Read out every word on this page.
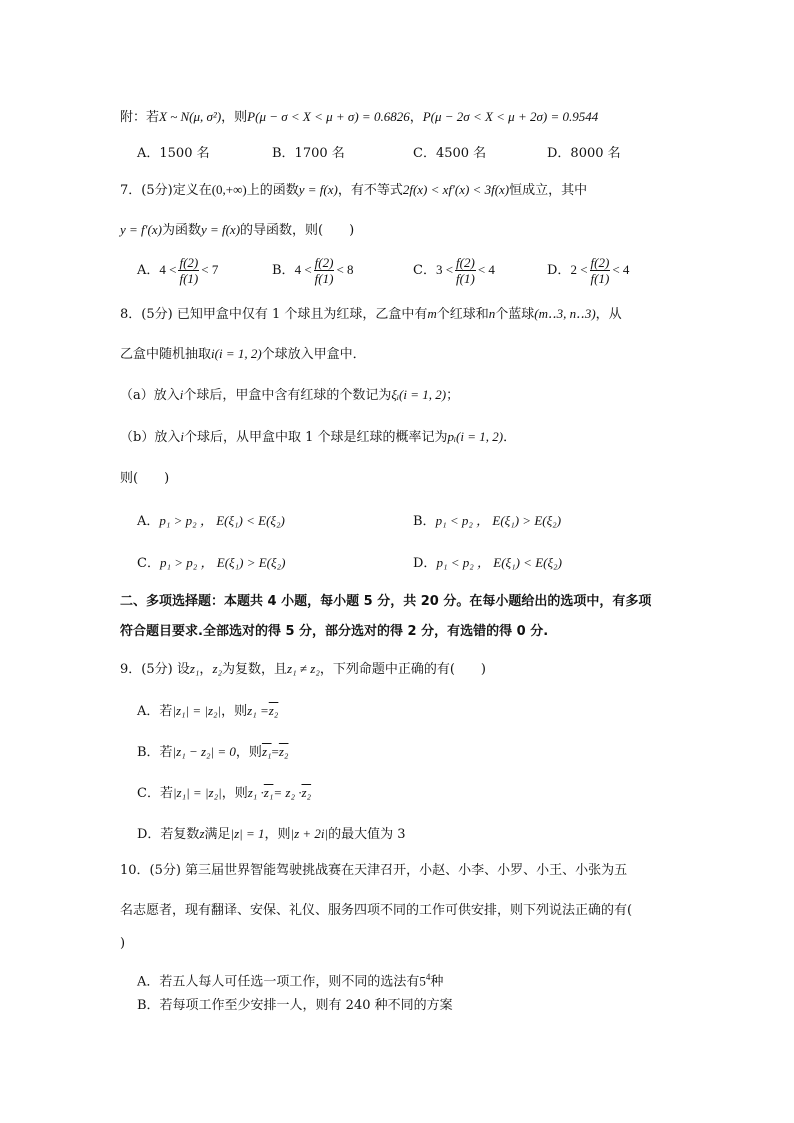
附：若X ~ N(μ, σ²)，则P(μ − σ < X < μ + σ) = 0.6826，P(μ − 2σ < X < μ + 2σ) = 0.9544
A．1500 名	B．1700 名	C．4500 名	D．8000 名
7．(5分)定义在(0,+∞)上的函数y = f(x)，有不等式2f(x) < xf′(x) < 3f(x)恒成立，其中
y = f′(x)为函数y = f(x)的导函数，则(　　)
A．$4 < \frac{f(2)}{f(1)} < 7$	B．$4 < \frac{f(2)}{f(1)} < 8$	C．$3 < \frac{f(2)}{f(1)} < 4$	D．$2 < \frac{f(2)}{f(1)} < 4$
8．(5分) 已知甲盒中仅有 1 个球且为红球，乙盒中有m个红球和n个蓝球(m‥3, n‥3)，从
乙盒中随机抽取i(i = 1, 2)个球放入甲盒中．
（a）放入i个球后，甲盒中含有红球的个数记为ξᵢ(i = 1, 2)；
（b）放入i个球后，从甲盒中取 1 个球是红球的概率记为pᵢ(i = 1, 2)．
则(　　)
A．p₁ > p₂ ， E(ξ₁) < E(ξ₂)	B．p₁ < p₂ ， E(ξ₁) > E(ξ₂)
C．p₁ > p₂ ， E(ξ₁) > E(ξ₂)	D．p₁ < p₂ ， E(ξ₁) < E(ξ₂)
二、多项选择题：本题共 4 小题，每小题 5 分，共 20 分。在每小题给出的选项中，有多项
符合题目要求.全部选对的得 5 分，部分选对的得 2 分，有选错的得 0 分.
9．(5分) 设z₁，z₂为复数，且z₁ ≠ z₂，下列命题中正确的有(　　)
A．若|z₁| = |z₂|，则z₁ =z₂
B．若|z₁ − z₂| = 0，则z₁=z₂
C．若|z₁| = |z₂|，则z₁ ·z₁= z₂ ·z₂
D．若复数z满足|z| = 1，则|z + 2i|的最大值为 3
10．(5分) 第三届世界智能驾驶挑战赛在天津召开，小赵、小李、小罗、小王、小张为五
名志愿者，现有翻译、安保、礼仪、服务四项不同的工作可供安排，则下列说法正确的有(
)
A．若五人每人可任选一项工作，则不同的选法有$5^4$种
B．若每项工作至少安排一人，则有 240 种不同的方案
